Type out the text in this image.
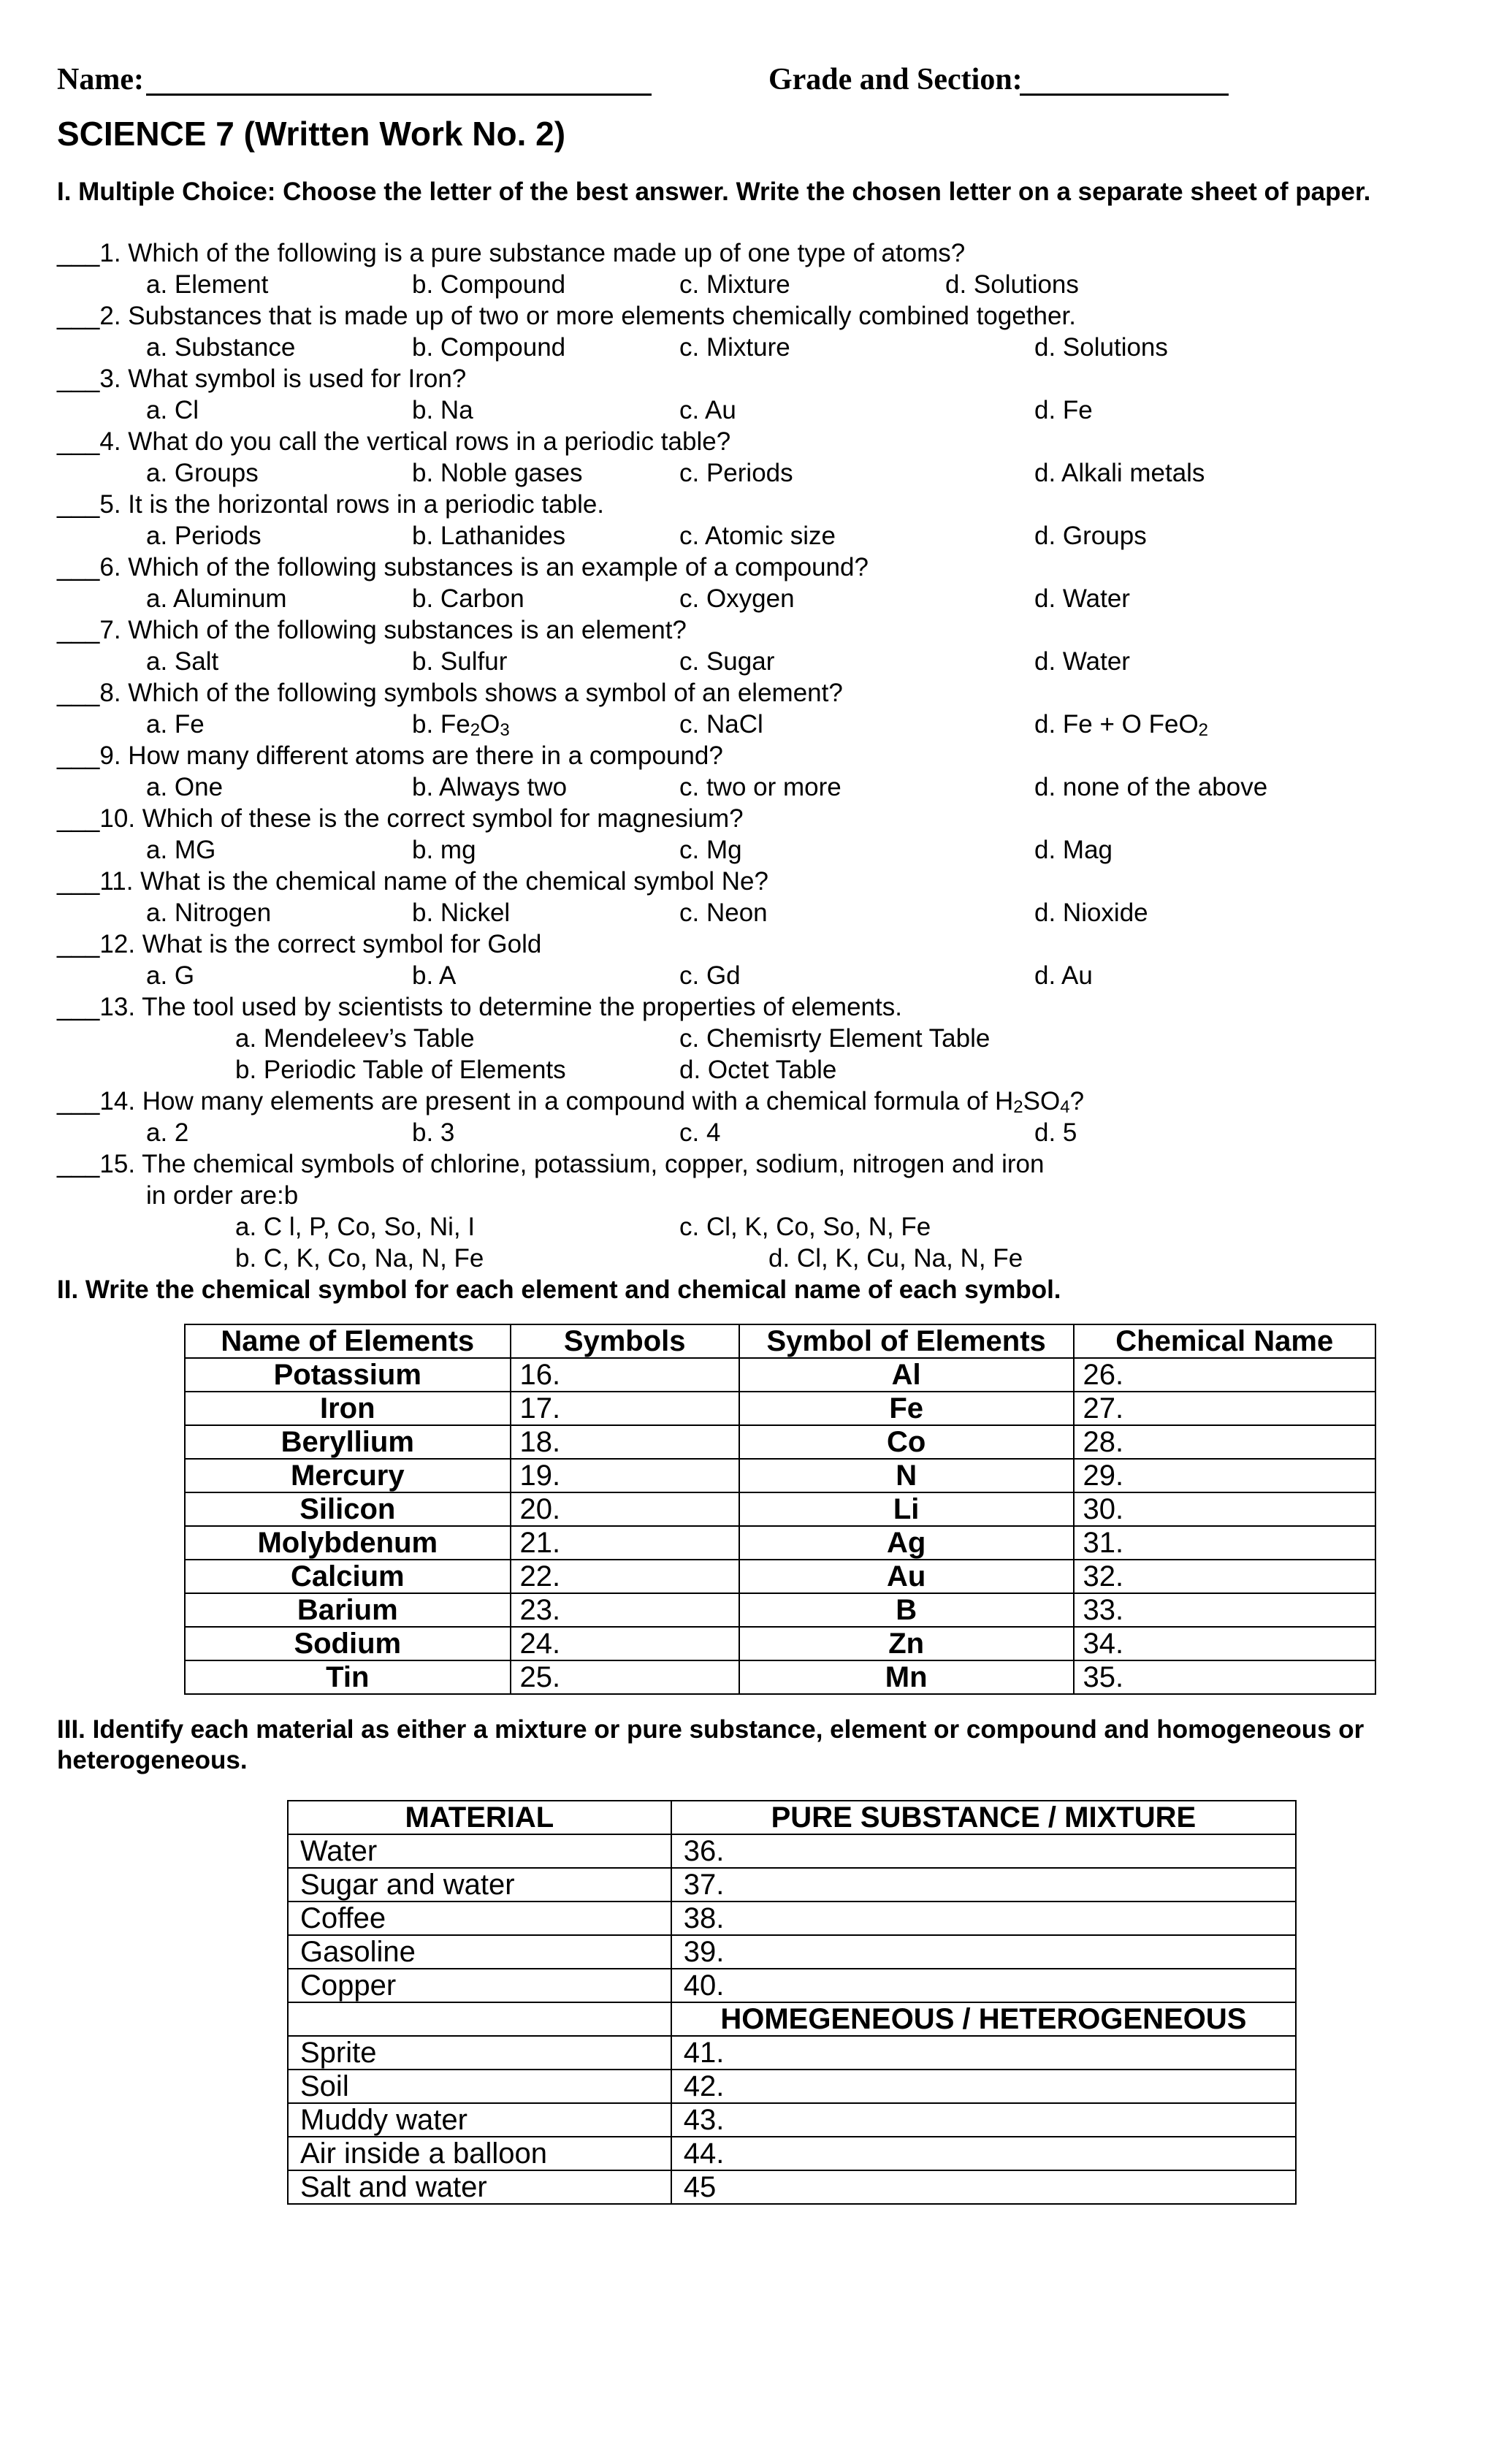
Name:	Grade and Section:
SCIENCE 7 (Written Work No. 2)
I. Multiple Choice: Choose the letter of the best answer. Write the chosen letter on a separate sheet of paper.
___1. Which of the following is a pure substance made up of one type of atoms?
a. Element	b. Compound	c. Mixture	d. Solutions
___2. Substances that is made up of two or more elements chemically combined together.
a. Substance	b. Compound	c. Mixture	d. Solutions
___3. What symbol is used for Iron?
a. Cl	b. Na	c. Au	d. Fe
___4. What do you call the vertical rows in a periodic table?
a. Groups	b. Noble gases	c. Periods	d. Alkali metals
___5. It is the horizontal rows in a periodic table.
a. Periods	b. Lathanides	c. Atomic size	d. Groups
___6. Which of the following substances is an example of a compound?
a. Aluminum	b. Carbon	c. Oxygen	d. Water
___7. Which of the following substances is an element?
a. Salt	b. Sulfur	c. Sugar	d. Water
___8. Which of the following symbols shows a symbol of an element?
a. Fe	b. $Fe_2O_3$	c. NaCl	d. Fe + O FeO$_2$
___9. How many different atoms are there in a compound?
a. One	b. Always two	c. two or more	d. none of the above
___10. Which of these is the correct symbol for magnesium?
a. MG	b. mg	c. Mg	d. Mag
___11. What is the chemical name of the chemical symbol Ne?
a. Nitrogen	b. Nickel	c. Neon	d. Nioxide
___12. What is the correct symbol for Gold
a. G	b. A	c. Gd	d. Au
___13. The tool used by scientists to determine the properties of elements.
a. Mendeleev’s Table	c. Chemisrty Element Table
b. Periodic Table of Elements	d. Octet Table
___14. How many elements are present in a compound with a chemical formula of $H_2SO_4$?
a. 2	b. 3	c. 4	d. 5
___15. The chemical symbols of chlorine, potassium, copper, sodium, nitrogen and iron
in order are:b
a. C l, P, Co, So, Ni, I	c. Cl, K, Co, So, N, Fe
b. C, K, Co, Na, N, Fe	d. Cl, K, Cu, Na, N, Fe
II. Write the chemical symbol for each element and chemical name of each symbol.
Name of Elements	Symbols	Symbol of Elements	Chemical Name
Potassium	16.	Al	26.
Iron	17.	Fe	27.
Beryllium	18.	Co	28.
Mercury	19.	N	29.
Silicon	20.	Li	30.
Molybdenum	21.	Ag	31.
Calcium	22.	Au	32.
Barium	23.	B	33.
Sodium	24.	Zn	34.
Tin	25.	Mn	35.
III. Identify each material as either a mixture or pure substance, element or compound and homogeneous or heterogeneous.
MATERIAL	PURE SUBSTANCE / MIXTURE
Water	36.
Sugar and water	37.
Coffee	38.
Gasoline	39.
Copper	40.
	HOMEGENEOUS / HETEROGENEOUS
Sprite	41.
Soil	42.
Muddy water	43.
Air inside a balloon	44.
Salt and water	45
